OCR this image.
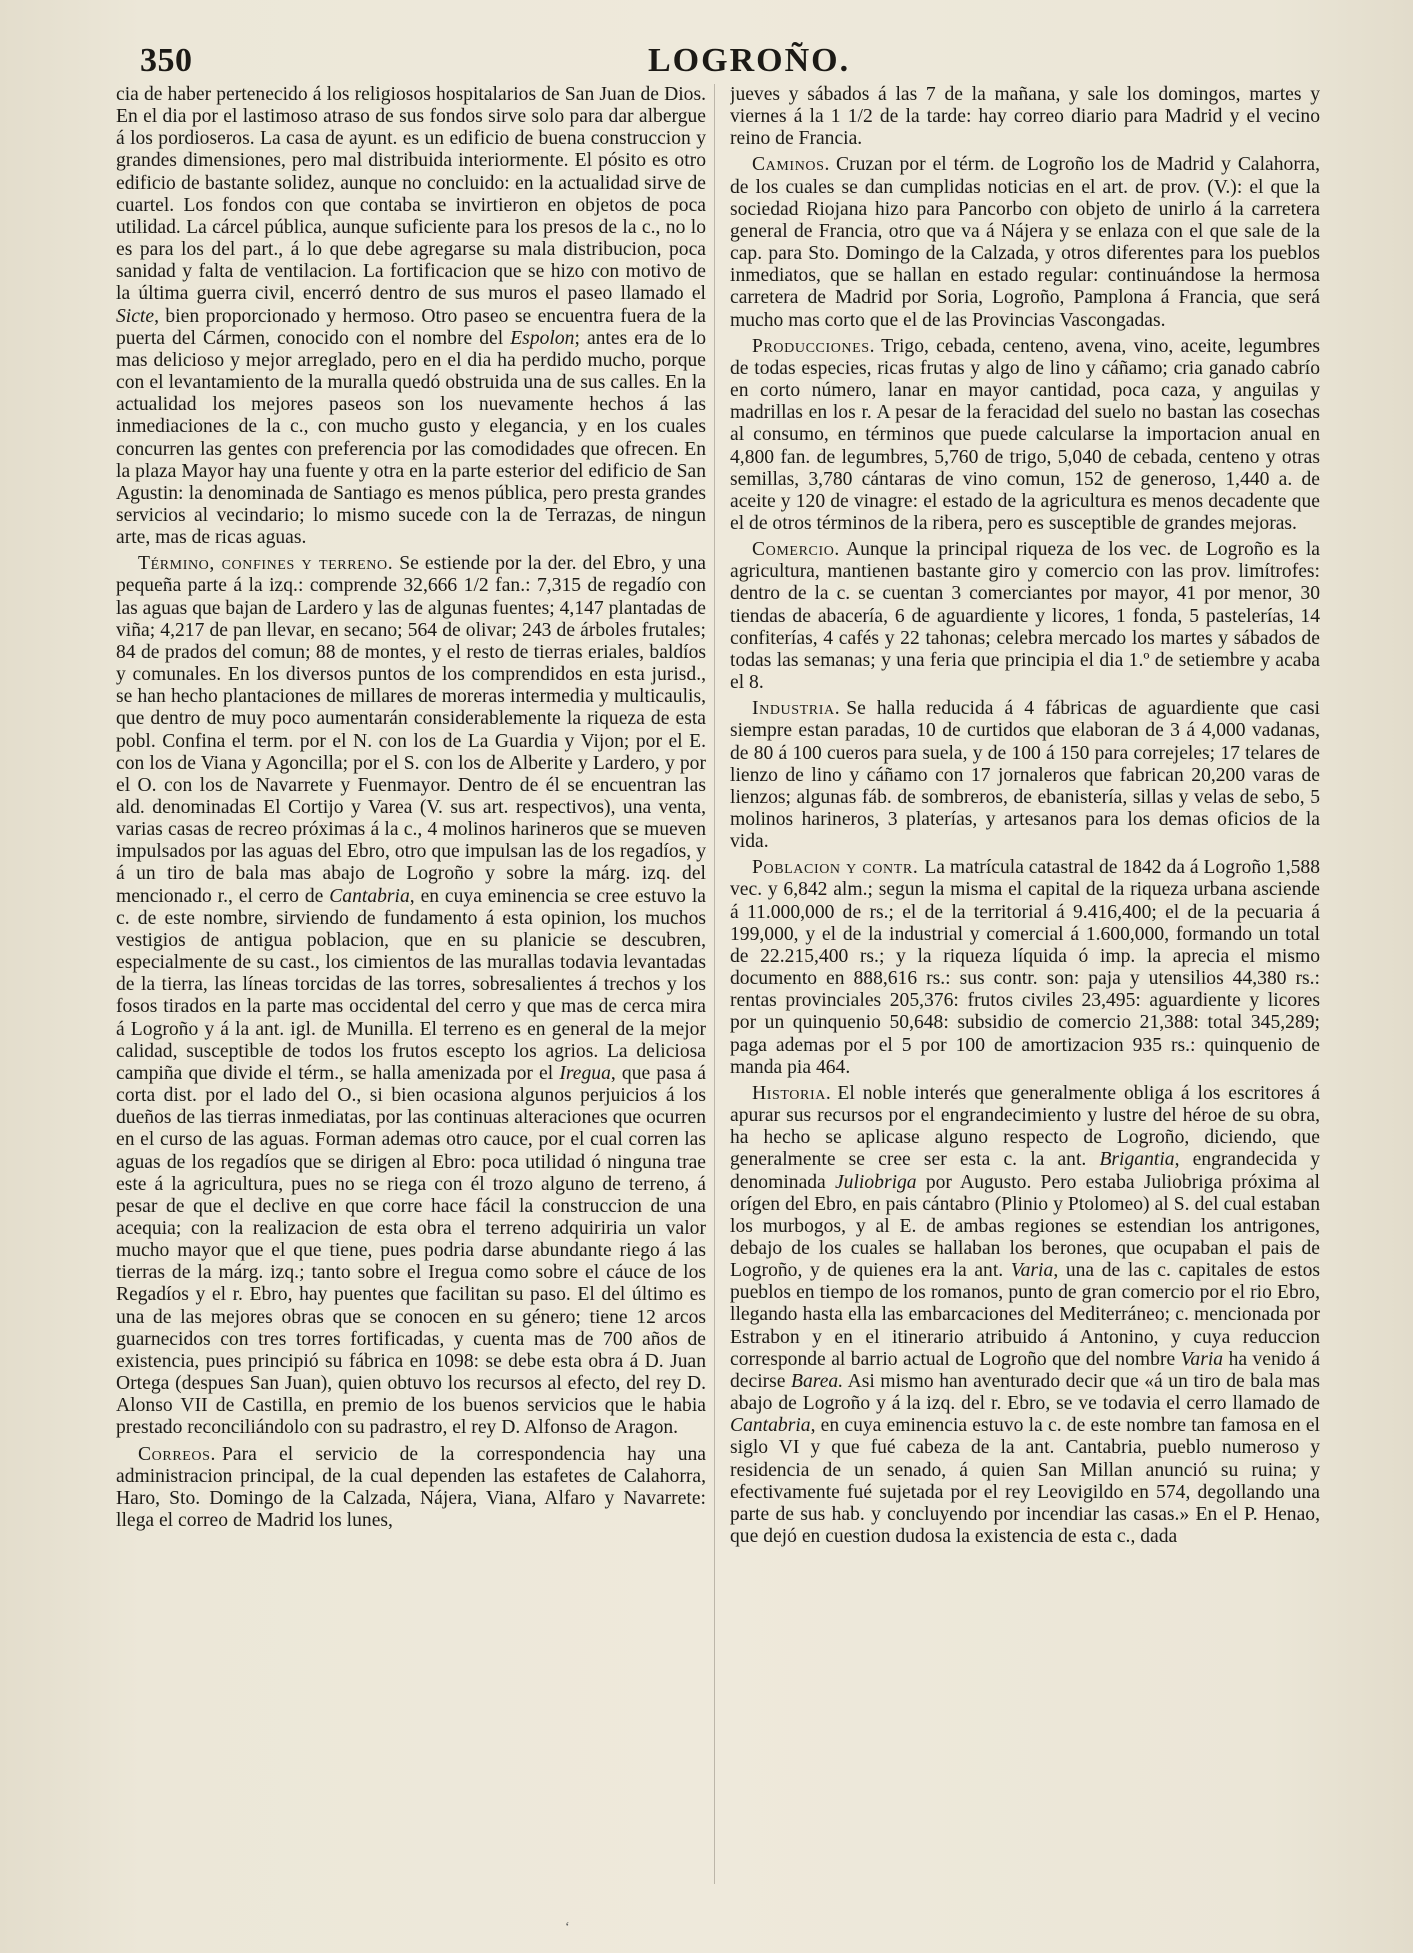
350	LOGROÑO.

cia de haber pertenecido á los religiosos hospitalarios de San Juan de Dios. En el dia por el lastimoso atraso de sus fondos sirve solo para dar albergue á los pordioseros. La casa de ayunt. es un edificio de buena construccion y grandes dimensiones, pero mal distribuida interiormente. El pósito es otro edificio de bastante solidez, aunque no concluido: en la actualidad sirve de cuartel. Los fondos con que contaba se invirtieron en objetos de poca utilidad. La cárcel pública, aunque suficiente para los presos de la c., no lo es para los del part., á lo que debe agregarse su mala distribucion, poca sanidad y falta de ventilacion. La fortificacion que se hizo con motivo de la última guerra civil, encerró dentro de sus muros el paseo llamado el Sicte, bien proporcionado y hermoso. Otro paseo se encuentra fuera de la puerta del Cármen, conocido con el nombre del Espolon; antes era de lo mas delicioso y mejor arreglado, pero en el dia ha perdido mucho, porque con el levantamiento de la muralla quedó obstruida una de sus calles. En la actualidad los mejores paseos son los nuevamente hechos á las inmediaciones de la c., con mucho gusto y elegancia, y en los cuales concurren las gentes con preferencia por las comodidades que ofrecen. En la plaza Mayor hay una fuente y otra en la parte esterior del edificio de San Agustin: la denominada de Santiago es menos pública, pero presta grandes servicios al vecindario; lo mismo sucede con la de Terrazas, de ningun arte, mas de ricas aguas.

Término, confines y terreno. Se estiende por la der. del Ebro, y una pequeña parte á la izq.: comprende 32,666 1/2 fan.: 7,315 de regadío con las aguas que bajan de Lardero y las de algunas fuentes; 4,147 plantadas de viña; 4,217 de pan llevar, en secano; 564 de olivar; 243 de árboles frutales; 84 de prados del comun; 88 de montes, y el resto de tierras eriales, baldíos y comunales. En los diversos puntos de los comprendidos en esta jurisd., se han hecho plantaciones de millares de moreras intermedia y multicaulis, que dentro de muy poco aumentarán considerablemente la riqueza de esta pobl. Confina el term. por el N. con los de La Guardia y Vijon; por el E. con los de Viana y Agoncilla; por el S. con los de Alberite y Lardero, y por el O. con los de Navarrete y Fuenmayor. Dentro de él se encuentran las ald. denominadas El Cortijo y Varea (V. sus art. respectivos), una venta, varias casas de recreo próximas á la c., 4 molinos harineros que se mueven impulsados por las aguas del Ebro, otro que impulsan las de los regadíos, y á un tiro de bala mas abajo de Logroño y sobre la márg. izq. del mencionado r., el cerro de Cantabria, en cuya eminencia se cree estuvo la c. de este nombre, sirviendo de fundamento á esta opinion, los muchos vestigios de antigua poblacion, que en su planicie se descubren, especialmente de su cast., los cimientos de las murallas todavia levantadas de la tierra, las líneas torcidas de las torres, sobresalientes á trechos y los fosos tirados en la parte mas occidental del cerro y que mas de cerca mira á Logroño y á la ant. igl. de Munilla. El terreno es en general de la mejor calidad, susceptible de todos los frutos escepto los agrios. La deliciosa campiña que divide el térm., se halla amenizada por el Iregua, que pasa á corta dist. por el lado del O., si bien ocasiona algunos perjuicios á los dueños de las tierras inmediatas, por las continuas alteraciones que ocurren en el curso de las aguas. Forman ademas otro cauce, por el cual corren las aguas de los regadíos que se dirigen al Ebro: poca utilidad ó ninguna trae este á la agricultura, pues no se riega con él trozo alguno de terreno, á pesar de que el declive en que corre hace fácil la construccion de una acequia; con la realizacion de esta obra el terreno adquiriria un valor mucho mayor que el que tiene, pues podria darse abundante riego á las tierras de la márg. izq.; tanto sobre el Iregua como sobre el cáuce de los Regadíos y el r. Ebro, hay puentes que facilitan su paso. El del último es una de las mejores obras que se conocen en su género; tiene 12 arcos guarnecidos con tres torres fortificadas, y cuenta mas de 700 años de existencia, pues principió su fábrica en 1098: se debe esta obra á D. Juan Ortega (despues San Juan), quien obtuvo los recursos al efecto, del rey D. Alonso VII de Castilla, en premio de los buenos servicios que le habia prestado reconciliándolo con su padrastro, el rey D. Alfonso de Aragon.

Correos. Para el servicio de la correspondencia hay una administracion principal, de la cual dependen las estafetes de Calahorra, Haro, Sto. Domingo de la Calzada, Nájera, Viana, Alfaro y Navarrete: llega el correo de Madrid los lunes,

jueves y sábados á las 7 de la mañana, y sale los domingos, martes y viernes á la 1 1/2 de la tarde: hay correo diario para Madrid y el vecino reino de Francia.

Caminos. Cruzan por el térm. de Logroño los de Madrid y Calahorra, de los cuales se dan cumplidas noticias en el art. de prov. (V.): el que la sociedad Riojana hizo para Pancorbo con objeto de unirlo á la carretera general de Francia, otro que va á Nájera y se enlaza con el que sale de la cap. para Sto. Domingo de la Calzada, y otros diferentes para los pueblos inmediatos, que se hallan en estado regular: continuándose la hermosa carretera de Madrid por Soria, Logroño, Pamplona á Francia, que será mucho mas corto que el de las Provincias Vascongadas.

Producciones. Trigo, cebada, centeno, avena, vino, aceite, legumbres de todas especies, ricas frutas y algo de lino y cáñamo; cria ganado cabrío en corto número, lanar en mayor cantidad, poca caza, y anguilas y madrillas en los r. A pesar de la feracidad del suelo no bastan las cosechas al consumo, en términos que puede calcularse la importacion anual en 4,800 fan. de legumbres, 5,760 de trigo, 5,040 de cebada, centeno y otras semillas, 3,780 cántaras de vino comun, 152 de generoso, 1,440 a. de aceite y 120 de vinagre: el estado de la agricultura es menos decadente que el de otros términos de la ribera, pero es susceptible de grandes mejoras.

Comercio. Aunque la principal riqueza de los vec. de Logroño es la agricultura, mantienen bastante giro y comercio con las prov. limítrofes: dentro de la c. se cuentan 3 comerciantes por mayor, 41 por menor, 30 tiendas de abacería, 6 de aguardiente y licores, 1 fonda, 5 pastelerías, 14 confiterías, 4 cafés y 22 tahonas; celebra mercado los martes y sábados de todas las semanas; y una feria que principia el dia 1.º de setiembre y acaba el 8.

Industria. Se halla reducida á 4 fábricas de aguardiente que casi siempre estan paradas, 10 de curtidos que elaboran de 3 á 4,000 vadanas, de 80 á 100 cueros para suela, y de 100 á 150 para correjeles; 17 telares de lienzo de lino y cáñamo con 17 jornaleros que fabrican 20,200 varas de lienzos; algunas fáb. de sombreros, de ebanistería, sillas y velas de sebo, 5 molinos harineros, 3 platerías, y artesanos para los demas oficios de la vida.

Poblacion y contr. La matrícula catastral de 1842 da á Logroño 1,588 vec. y 6,842 alm.; segun la misma el capital de la riqueza urbana asciende á 11.000,000 de rs.; el de la territorial á 9.416,400; el de la pecuaria á 199,000, y el de la industrial y comercial á 1.600,000, formando un total de 22.215,400 rs.; y la riqueza líquida ó imp. la aprecia el mismo documento en 888,616 rs.: sus contr. son: paja y utensilios 44,380 rs.: rentas provinciales 205,376: frutos civiles 23,495: aguardiente y licores por un quinquenio 50,648: subsidio de comercio 21,388: total 345,289; paga ademas por el 5 por 100 de amortizacion 935 rs.: quinquenio de manda pia 464.

Historia. El noble interés que generalmente obliga á los escritores á apurar sus recursos por el engrandecimiento y lustre del héroe de su obra, ha hecho se aplicase alguno respecto de Logroño, diciendo, que generalmente se cree ser esta c. la ant. Brigantia, engrandecida y denominada Juliobriga por Augusto. Pero estaba Juliobriga próxima al orígen del Ebro, en pais cántabro (Plinio y Ptolomeo) al S. del cual estaban los murbogos, y al E. de ambas regiones se estendian los antrigones, debajo de los cuales se hallaban los berones, que ocupaban el pais de Logroño, y de quienes era la ant. Varia, una de las c. capitales de estos pueblos en tiempo de los romanos, punto de gran comercio por el rio Ebro, llegando hasta ella las embarcaciones del Mediterráneo; c. mencionada por Estrabon y en el itinerario atribuido á Antonino, y cuya reduccion corresponde al barrio actual de Logroño que del nombre Varia ha venido á decirse Barea. Asi mismo han aventurado decir que «á un tiro de bala mas abajo de Logroño y á la izq. del r. Ebro, se ve todavia el cerro llamado de Cantabria, en cuya eminencia estuvo la c. de este nombre tan famosa en el siglo VI y que fué cabeza de la ant. Cantabria, pueblo numeroso y residencia de un senado, á quien San Millan anunció su ruina; y efectivamente fué sujetada por el rey Leovigildo en 574, degollando una parte de sus hab. y concluyendo por incendiar las casas.» En el P. Henao, que dejó en cuestion dudosa la existencia de esta c., dada

‘
